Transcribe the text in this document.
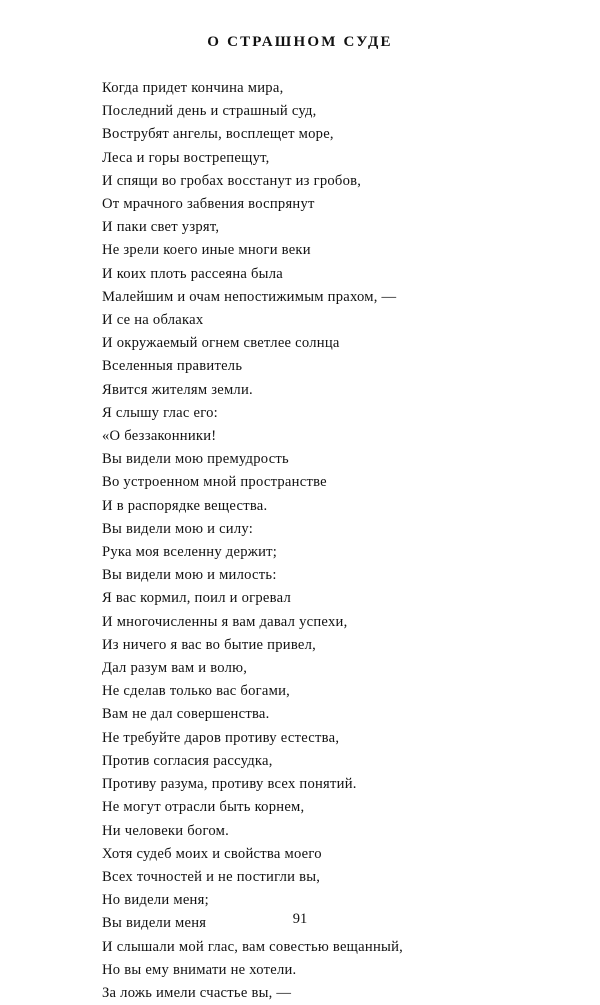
О СТРАШНОМ СУДЕ
Когда придет кончина мира,
Последний день и страшный суд,
Вострубят ангелы, восплещет море,
Леса и горы вострепещут,
И спящи во гробах восстанут из гробов,
От мрачного забвения воспрянут
И паки свет узрят,
Не зрели коего иные многи веки
И коих плоть рассеяна была
Малейшим и очам непостижимым прахом, —
И се на облаках
И окружаемый огнем светлее солнца
Вселенныя правитель
Явится жителям земли.
Я слышу глас его:
«О беззаконники!
Вы видели мою премудрость
Во устроенном мной пространстве
И в распорядке вещества.
Вы видели мою и силу:
Рука моя вселенну держит;
Вы видели мою и милость:
Я вас кормил, поил и огревал
И многочисленны я вам давал успехи,
Из ничего я вас во бытие привел,
Дал разум вам и волю,
Не сделав только вас богами,
Вам не дал совершенства.
Не требуйте даров противу естества,
Против согласия рассудка,
Противу разума, противу всех понятий.
Не могут отрасли быть корнем,
Ни человеки богом.
Хотя судеб моих и свойства моего
Всех точностей и не постигли вы,
Но видели меня;
Вы видели меня
И слышали мой глас, вам совестью вещанный,
Но вы ему внимати не хотели.
За ложь имели счастье вы, —
91
